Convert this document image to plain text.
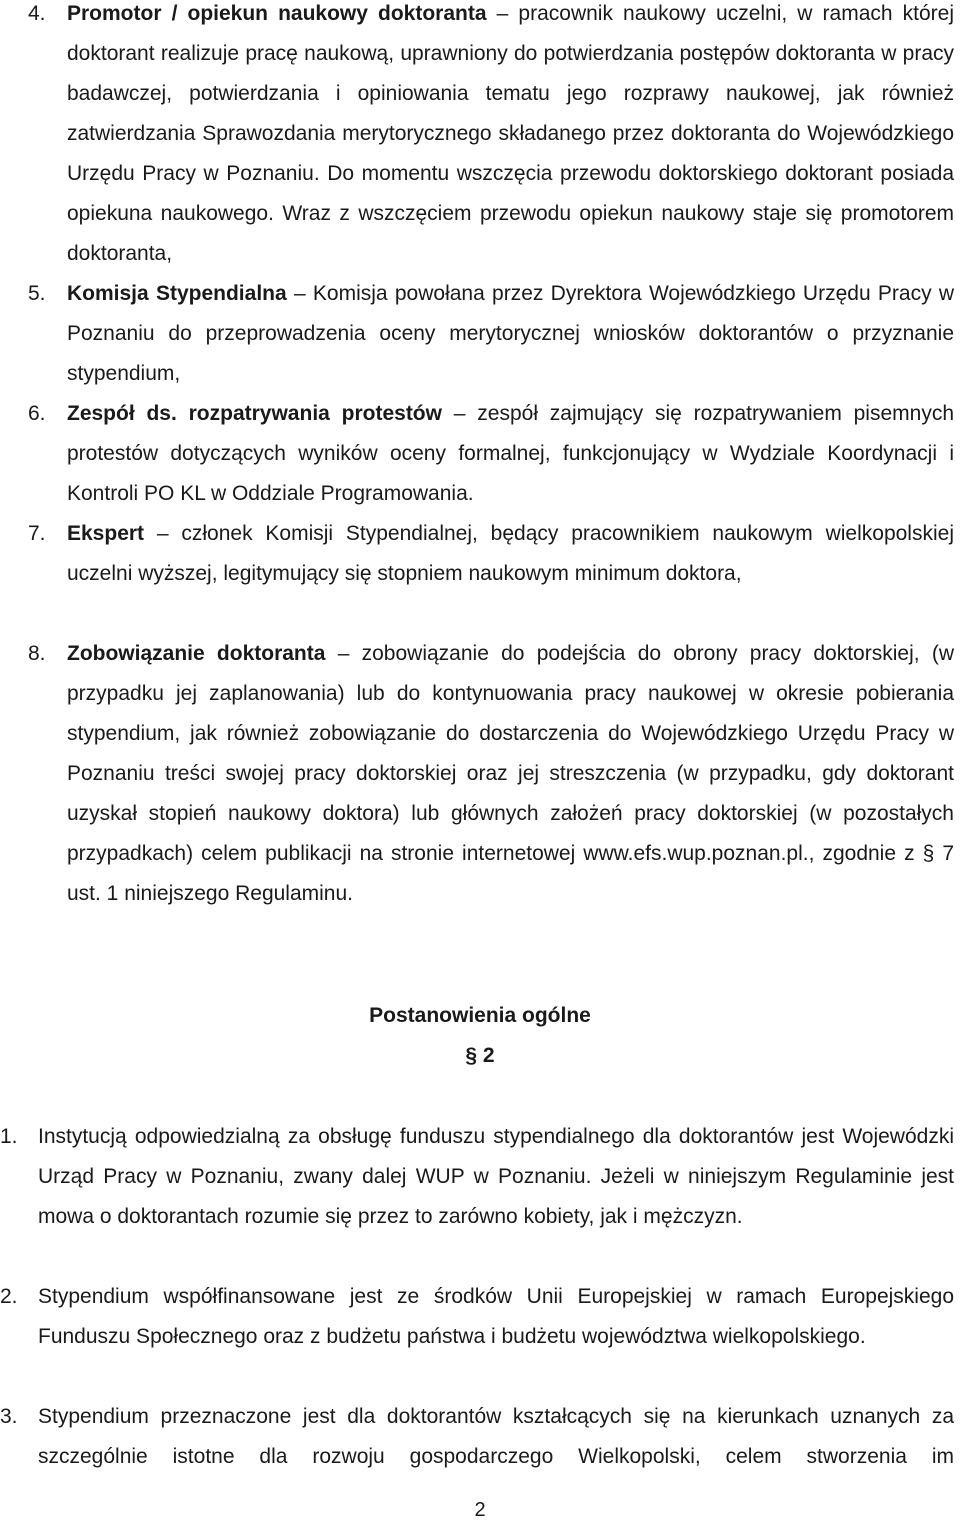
4. Promotor / opiekun naukowy doktoranta – pracownik naukowy uczelni, w ramach której doktorant realizuje pracę naukową, uprawniony do potwierdzania postępów doktoranta w pracy badawczej, potwierdzania i opiniowania tematu jego rozprawy naukowej, jak również zatwierdzania Sprawozdania merytorycznego składanego przez doktoranta do Wojewódzkiego Urzędu Pracy w Poznaniu. Do momentu wszczęcia przewodu doktorskiego doktorant posiada opiekuna naukowego. Wraz z wszczęciem przewodu opiekun naukowy staje się promotorem doktoranta,
5. Komisja Stypendialna – Komisja powołana przez Dyrektora Wojewódzkiego Urzędu Pracy w Poznaniu do przeprowadzenia oceny merytorycznej wniosków doktorantów o przyznanie stypendium,
6. Zespół ds. rozpatrywania protestów – zespół zajmujący się rozpatrywaniem pisemnych protestów dotyczących wyników oceny formalnej, funkcjonujący w Wydziale Koordynacji i Kontroli PO KL w Oddziale Programowania.
7. Ekspert – członek Komisji Stypendialnej, będący pracownikiem naukowym wielkopolskiej uczelni wyższej, legitymujący się stopniem naukowym minimum doktora,
8. Zobowiązanie doktoranta – zobowiązanie do podejścia do obrony pracy doktorskiej, (w przypadku jej zaplanowania) lub do kontynuowania pracy naukowej w okresie pobierania stypendium, jak również zobowiązanie do dostarczenia do Wojewódzkiego Urzędu Pracy w Poznaniu treści swojej pracy doktorskiej oraz jej streszczenia (w przypadku, gdy doktorant uzyskał stopień naukowy doktora) lub głównych założeń pracy doktorskiej (w pozostałych przypadkach) celem publikacji na stronie internetowej www.efs.wup.poznan.pl., zgodnie z § 7 ust. 1 niniejszego Regulaminu.
Postanowienia ogólne
§ 2
1. Instytucją odpowiedzialną za obsługę funduszu stypendialnego dla doktorantów jest Wojewódzki Urząd Pracy w Poznaniu, zwany dalej WUP w Poznaniu. Jeżeli w niniejszym Regulaminie jest mowa o doktorantach rozumie się przez to zarówno kobiety, jak i mężczyzn.
2. Stypendium współfinansowane jest ze środków Unii Europejskiej w ramach Europejskiego Funduszu Społecznego oraz z budżetu państwa i budżetu województwa wielkopolskiego.
3. Stypendium przeznaczone jest dla doktorantów kształcących się na kierunkach uznanych za szczególnie istotne dla rozwoju gospodarczego Wielkopolski, celem stworzenia im
2
